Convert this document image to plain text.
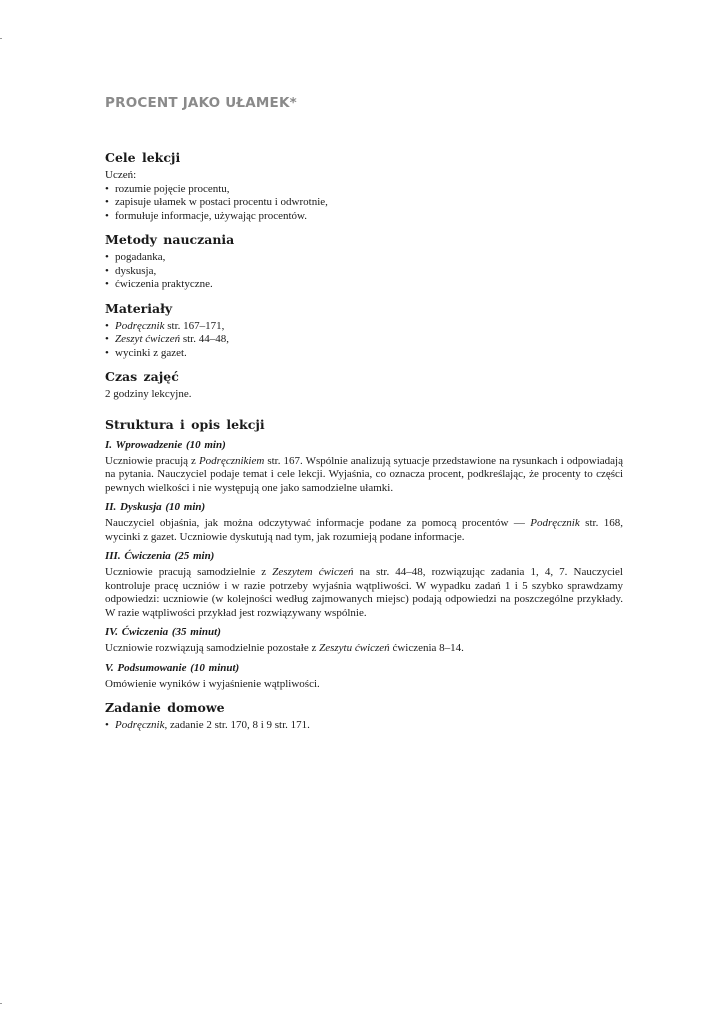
PROCENT JAKO UŁAMEK*
Cele lekcji

Uczeń:

• rozumie pojęcie procentu,
• zapisuje ułamek w postaci procentu i odwrotnie,
• formułuje informacje, używając procentów.
Metody nauczania
• pogadanka,
• dyskusja,
• ćwiczenia praktyczne.
Materiały
• Podręcznik str. 167–171,
• Zeszyt ćwiczeń str. 44–48,
• wycinki z gazet.
Czas zajęć

2 godziny lekcyjne.

Struktura i opis lekcji
I. Wprowadzenie (10 min)

Uczniowie pracują z Podręcznikiem str. 167. Wspólnie analizują sytuacje przedstawione na rysunkach i odpowiadają na pytania. Nauczyciel podaje temat i cele lekcji. Wyjaśnia, co oznacza procent, podkreślając, że procenty to części pewnych wielkości i nie występują one jako samodzielne ułamki.

II. Dyskusja (10 min)

Nauczyciel objaśnia, jak można odczytywać informacje podane za pomocą procentów — Podręcznik str. 168, wycinki z gazet. Uczniowie dyskutują nad tym, jak rozumieją podane informacje.

III. Ćwiczenia (25 min)

Uczniowie pracują samodzielnie z Zeszytem ćwiczeń na str. 44–48, rozwiązując zadania 1, 4, 7. Nauczyciel kontroluje pracę uczniów i w razie potrzeby wyjaśnia wątpliwości. W wypadku zadań 1 i 5 szybko sprawdzamy odpowiedzi: uczniowie (w kolejności według zajmowanych miejsc) podają odpowiedzi na poszczególne przykłady. W razie wątpliwości przykład jest rozwiązywany wspólnie.

IV. Ćwiczenia (35 minut)

Uczniowie rozwiązują samodzielnie pozostałe z Zeszytu ćwiczeń ćwiczenia 8–14.

V. Podsumowanie (10 minut)

Omówienie wyników i wyjaśnienie wątpliwości.

Zadanie domowe
• Podręcznik, zadanie 2 str. 170, 8 i 9 str. 171.
